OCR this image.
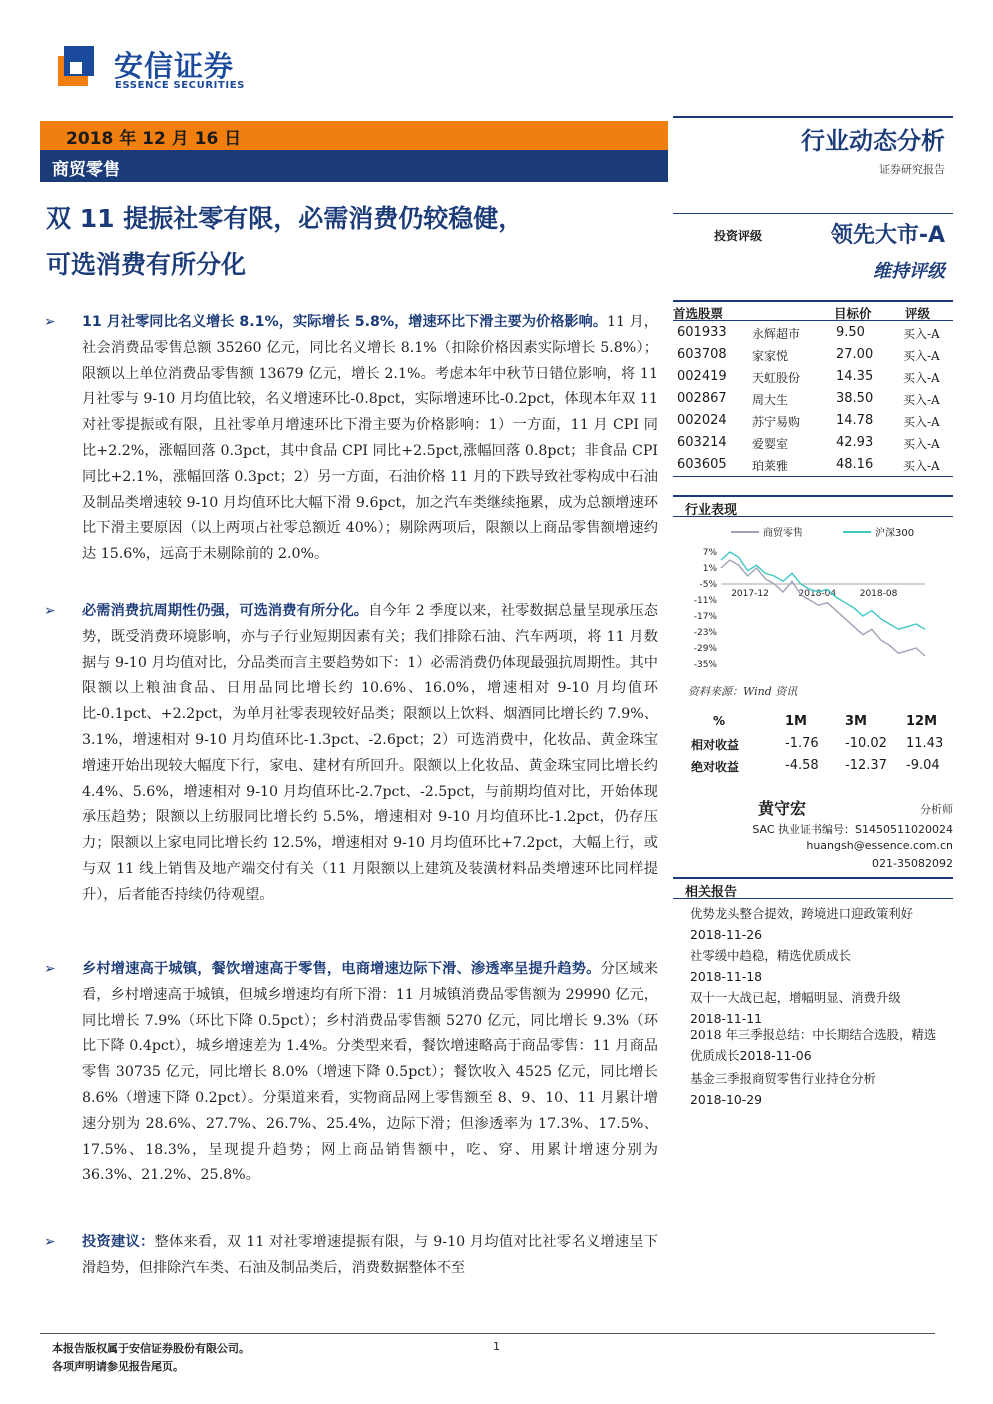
安信证券
ESSENCE SECURITIES
2018 年 12 月 16 日
商贸零售
行业动态分析
证券研究报告
双 11 提振社零有限，必需消费仍较稳健，
可选消费有所分化
投资评级	领先大市-A
维持评级
➢ 11 月社零同比名义增长 8.1%，实际增长 5.8%，增速环比下滑主要为价格影响。11 月，社会消费品零售总额 35260 亿元，同比名义增长 8.1%（扣除价格因素实际增长 5.8%）；限额以上单位消费品零售额 13679 亿元，增长 2.1%。考虑本年中秋节日错位影响，将 11 月社零与 9-10 月均值比较，名义增速环比-0.8pct，实际增速环比-0.2pct，体现本年双 11 对社零提振或有限，且社零单月增速环比下滑主要为价格影响：1）一方面，11 月 CPI 同比+2.2%，涨幅回落 0.3pct，其中食品 CPI 同比+2.5pct,涨幅回落 0.8pct；非食品 CPI 同比+2.1%，涨幅回落 0.3pct；2）另一方面，石油价格 11 月的下跌导致社零构成中石油及制品类增速较 9-10 月均值环比大幅下滑 9.6pct，加之汽车类继续拖累，成为总额增速环比下滑主要原因（以上两项占社零总额近 40%）；剔除两项后，限额以上商品零售额增速约达 15.6%，远高于未剔除前的 2.0%。
➢ 必需消费抗周期性仍强，可选消费有所分化。自今年 2 季度以来，社零数据总量呈现承压态势，既受消费环境影响，亦与子行业短期因素有关；我们排除石油、汽车两项，将 11 月数据与 9-10 月均值对比，分品类而言主要趋势如下：1）必需消费仍体现最强抗周期性。其中限额以上粮油食品、日用品同比增长约 10.6%、16.0%，增速相对 9-10 月均值环比-0.1pct、+2.2pct，为单月社零表现较好品类；限额以上饮料、烟酒同比增长约 7.9%、3.1%，增速相对 9-10 月均值环比-1.3pct、-2.6pct；2）可选消费中，化妆品、黄金珠宝增速开始出现较大幅度下行，家电、建材有所回升。限额以上化妆品、黄金珠宝同比增长约 4.4%、5.6%，增速相对 9-10 月均值环比-2.7pct、-2.5pct，与前期均值对比，开始体现承压趋势；限额以上纺服同比增长约 5.5%，增速相对 9-10 月均值环比-1.2pct，仍存压力；限额以上家电同比增长约 12.5%，增速相对 9-10 月均值环比+7.2pct，大幅上行，或与双 11 线上销售及地产端交付有关（11 月限额以上建筑及装潢材料品类增速环比同样提升），后者能否持续仍待观望。
➢ 乡村增速高于城镇，餐饮增速高于零售，电商增速边际下滑、渗透率呈提升趋势。分区域来看，乡村增速高于城镇，但城乡增速均有所下滑：11 月城镇消费品零售额为 29990 亿元，同比增长 7.9%（环比下降 0.5pct）；乡村消费品零售额 5270 亿元，同比增长 9.3%（环比下降 0.4pct），城乡增速差为 1.4%。分类型来看，餐饮增速略高于商品零售：11 月商品零售 30735 亿元，同比增长 8.0%（增速下降 0.5pct）；餐饮收入 4525 亿元，同比增长 8.6%（增速下降 0.2pct）。分渠道来看，实物商品网上零售额至 8、9、10、11 月累计增速分别为 28.6%、27.7%、26.7%、25.4%，边际下滑；但渗透率为 17.3%、17.5%、17.5%、18.3%，呈现提升趋势；网上商品销售额中，吃、穿、用累计增速分别为 36.3%、21.2%、25.8%。
➢ 投资建议：整体来看，双 11 对社零增速提振有限，与 9-10 月均值对比社零名义增速呈下滑趋势，但排除汽车类、石油及制品类后，消费数据整体不至
首选股票	目标价	评级
601933 永辉超市	9.50	买入-A
603708 家家悦	27.00 买入-A
002419 天虹股份	14.35 买入-A
002867 周大生	38.50 买入-A
002024 苏宁易购	14.78 买入-A
603214 爱婴室	42.93 买入-A
603605 珀莱雅	48.16 买入-A
行业表现
商贸零售	沪深300
7%
1%
-5%
-11%
-17%
-23%
-29%
-35%
2017-12	2018-04	2018-08
资料来源：Wind 资讯
%	1M	3M	12M
相对收益	-1.76 -10.02 11.43
绝对收益	-4.58 -12.37 -9.04
黄守宏	分析师
SAC 执业证书编号：S1450511020024
huangsh@essence.com.cn
021-35082092
相关报告
优势龙头整合提效，跨境进口迎政策利好
2018-11-26
社零缓中趋稳，精选优质成长
2018-11-18
双十一大战已起，增幅明显、消费升级
2018-11-11
2018 年三季报总结：中长期结合选股，精选优质成长2018-11-06
基金三季报商贸零售行业持仓分析
2018-10-29
本报告版权属于安信证券股份有限公司。
各项声明请参见报告尾页。
1
